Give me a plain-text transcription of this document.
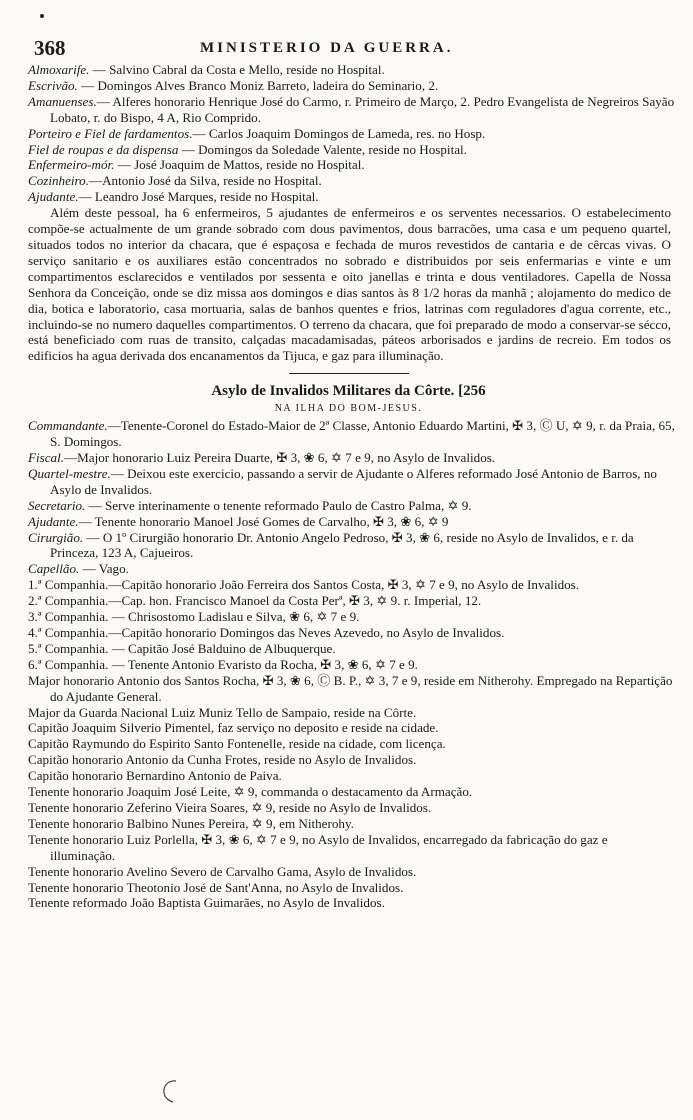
368	MINISTERIO DA GUERRA.

Almoxarife. — Salvino Cabral da Costa e Mello, reside no Hospital.

Escrivão. — Domingos Alves Branco Moniz Barreto, ladeira do Seminario, 2.

Amanuenses.— Alferes honorario Henrique José do Carmo, r. Primeiro de Março, 2. Pedro Evangelista de Negreiros Sayão Lobato, r. do Bispo, 4 A, Rio Comprido.

Porteiro e Fiel de fardamentos.— Carlos Joaquim Domingos de Lameda, res. no Hosp.

Fiel de roupas e da dispensa — Domingos da Soledade Valente, reside no Hospital.

Enfermeiro-mór. — José Joaquim de Mattos, reside no Hospital.

Cozinheiro.—Antonio José da Silva, reside no Hospital.

Ajudante.— Leandro José Marques, reside no Hospital.

Além deste pessoal, ha 6 enfermeiros, 5 ajudantes de enfermeiros e os serventes necessarios. O estabelecimento compõe-se actualmente de um grande sobrado com dous pavimentos, dous barracões, uma casa e um pequeno quartel, situados todos no interior da chacara, que é espaçosa e fechada de muros revestidos de cantaria e de cêrcas vivas. O serviço sanitario e os auxiliares estão concentrados no sobrado e distribuidos por seis enfermarias e vinte e um compartimentos esclarecidos e ventilados por sessenta e oito janellas e trinta e dous ventiladores. Capella de Nossa Senhora da Conceição, onde se diz missa aos domingos e dias santos às 8 1/2 horas da manhã ; alojamento do medico de dia, botica e laboratorio, casa mortuaria, salas de banhos quentes e frios, latrinas com reguladores d'agua corrente, etc., incluindo-se no numero daquelles compartimentos. O terreno da chacara, que foi preparado de modo a conservar-se sécco, está beneficiado com ruas de transito, calçadas macadamisadas, páteos arborisados e jardins de recreio. Em todos os edificios ha agua derivada dos encanamentos da Tijuca, e gaz para illuminação.

Asylo de Invalidos Militares da Côrte. [256

NA ILHA DO BOM-JESUS.

Commandante.—Tenente-Coronel do Estado-Maior de 2ª Classe, Antonio Eduardo Martini, ✠ 3, Ⓒ U, ✡ 9, r. da Praia, 65, S. Domingos.

Fiscal.—Major honorario Luiz Pereira Duarte, ✠ 3, ❀ 6, ✡ 7 e 9, no Asylo de Invalidos.

Quartel-mestre.— Deixou este exercicio, passando a servir de Ajudante o Alferes reformado José Antonio de Barros, no Asylo de Invalidos.

Secretario. — Serve interinamente o tenente reformado Paulo de Castro Palma, ✡ 9.

Ajudante.— Tenente honorario Manoel José Gomes de Carvalho, ✠ 3, ❀ 6, ✡ 9

Cirurgião. — O 1º Cirurgião honorario Dr. Antonio Angelo Pedroso, ✠ 3, ❀ 6, reside no Asylo de Invalidos, e r. da Princeza, 123 A, Cajueiros.

Capellão. — Vago.

1.ª Companhia.—Capitão honorario João Ferreira dos Santos Costa, ✠ 3, ✡ 7 e 9, no Asylo de Invalidos.

2.ª Companhia.—Cap. hon. Francisco Manoel da Costa Perª, ✠ 3, ✡ 9. r. Imperial, 12.

3.ª Companhia. — Chrisostomo Ladislau e Silva, ❀ 6, ✡ 7 e 9.

4.ª Companhia.—Capitão honorario Domingos das Neves Azevedo, no Asylo de Invalidos.

5.ª Companhia. — Capitão José Balduino de Albuquerque.

6.ª Companhia. — Tenente Antonio Evaristo da Rocha, ✠ 3, ❀ 6, ✡ 7 e 9.

Major honorario Antonio dos Santos Rocha, ✠ 3, ❀ 6, Ⓒ B. P., ✡ 3, 7 e 9, reside em Nitherohy. Empregado na Repartição do Ajudante General.

Major da Guarda Nacional Luiz Muniz Tello de Sampaio, reside na Côrte.

Capitão Joaquim Silverio Pimentel, faz serviço no deposito e reside na cidade.

Capitão Raymundo do Espirito Santo Fontenelle, reside na cidade, com licença.

Capitão honorario Antonio da Cunha Frotes, reside no Asylo de Invalidos.

Capitão honorario Bernardino Antonio de Paiva.

Tenente honorario Joaquim José Leite, ✡ 9, commanda o destacamento da Armação.

Tenente honorario Zeferino Vieira Soares, ✡ 9, reside no Asylo de Invalidos.

Tenente honorario Balbino Nunes Pereira, ✡ 9, em Nitherohy.

Tenente honorario Luiz Porlella, ✠ 3, ❀ 6, ✡ 7 e 9, no Asylo de Invalidos, encarregado da fabricação do gaz e illuminação.

Tenente honorario Avelino Severo de Carvalho Gama, Asylo de Invalidos.

Tenente honorario Theotonio José de Sant'Anna, no Asylo de Invalidos.

Tenente reformado João Baptista Guimarães, no Asylo de Invalidos.
